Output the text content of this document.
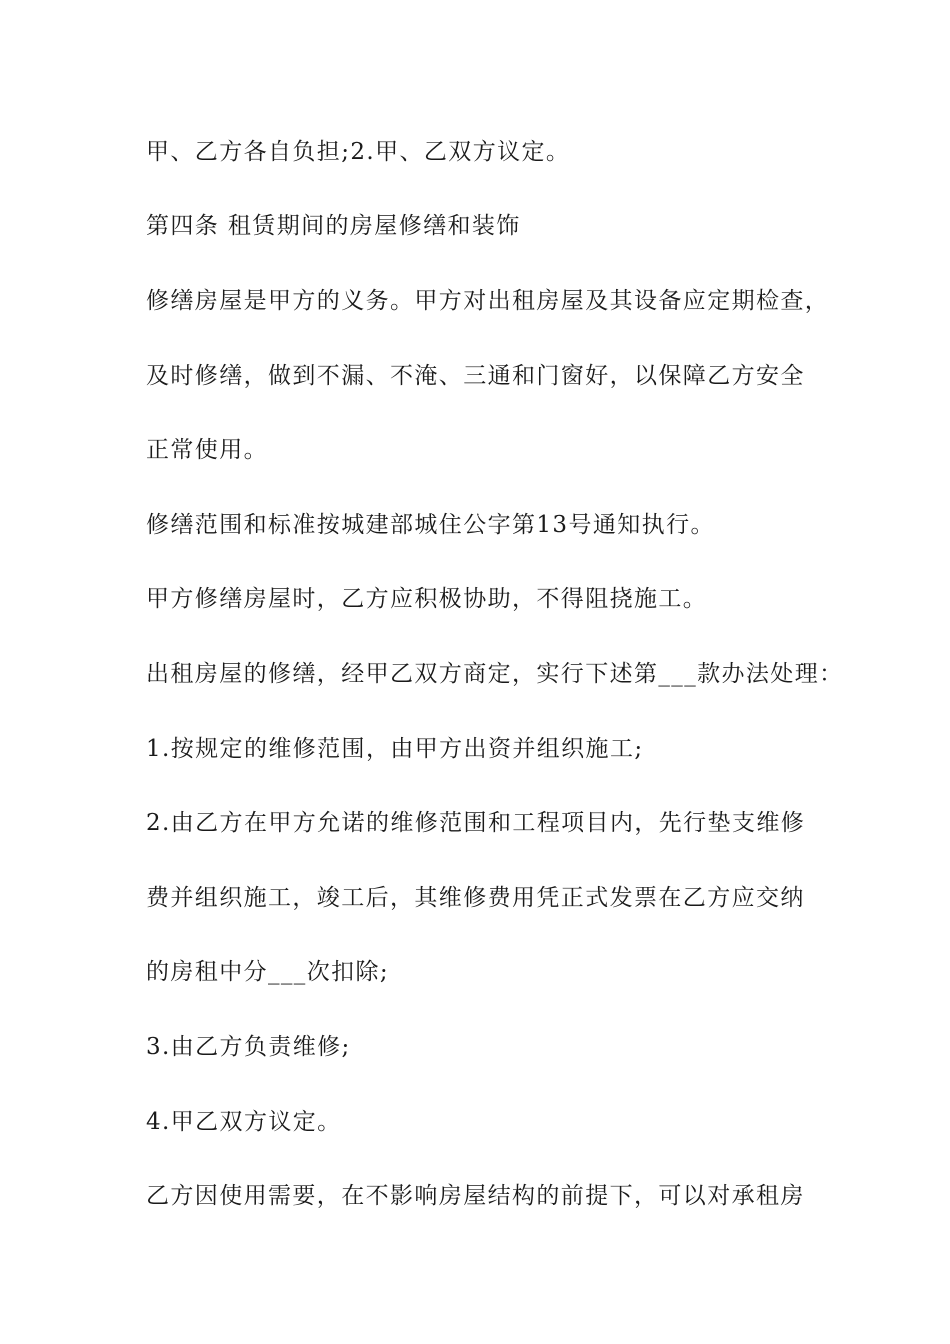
甲、乙方各自负担;2.甲、乙双方议定。
第四条 租赁期间的房屋修缮和装饰
修缮房屋是甲方的义务。甲方对出租房屋及其设备应定期检查，
及时修缮，做到不漏、不淹、三通和门窗好，以保障乙方安全
正常使用。
修缮范围和标准按城建部城住公字第13号通知执行。
甲方修缮房屋时，乙方应积极协助，不得阻挠施工。
出租房屋的修缮，经甲乙双方商定，实行下述第___款办法处理：
1.按规定的维修范围，由甲方出资并组织施工;
2.由乙方在甲方允诺的维修范围和工程项目内，先行垫支维修
费并组织施工，竣工后，其维修费用凭正式发票在乙方应交纳
的房租中分___次扣除;
3.由乙方负责维修;
4.甲乙双方议定。
乙方因使用需要，在不影响房屋结构的前提下，可以对承租房
